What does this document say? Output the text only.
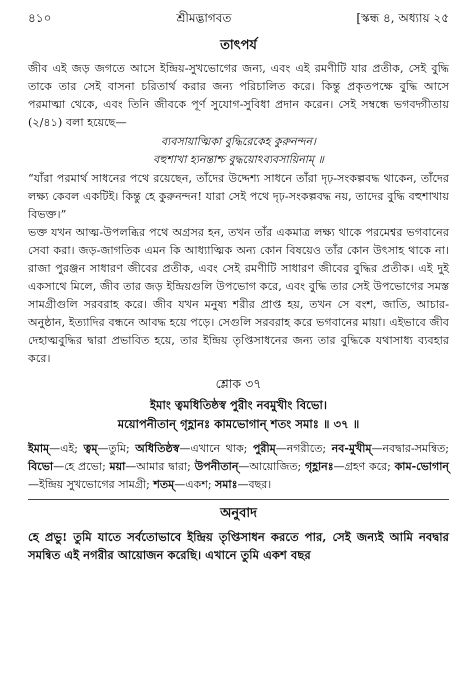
৪১০	শ্রীমদ্ভাগবত	[স্কন্ধ ৪, অধ্যায় ২৫
তাৎপর্য

জীব এই জড় জগতে আসে ইন্দ্রিয়-সুখভোগের জন্য, এবং এই রমণীটি যার প্রতীক, সেই বুদ্ধি তাকে তার সেই বাসনা চরিতার্থ করার জন্য পরিচালিত করে। কিন্তু প্রকৃতপক্ষে বুদ্ধি আসে পরমাত্মা থেকে, এবং তিনি জীবকে পূর্ণ সুযোগ-সুবিধা প্রদান করেন। সেই সম্বন্ধে ভগবদ্গীতায় (২/৪১) বলা হয়েছে—

ব্যবসায়াত্মিকা বুদ্ধিরেকেহ কুরুনন্দন।
বহুশাখা হ্যনন্তাশ্চ বুদ্ধয়োঽব্যবসায়িনাম্ ॥

“যাঁরা পরমার্থ সাধনের পথে রয়েছেন, তাঁদের উদ্দেশ্য সাধনে তাঁরা দৃঢ়-সংকল্পবদ্ধ থাকেন, তাঁদের লক্ষ্য কেবল একটিই। কিন্তু হে কুরুনন্দন! যারা সেই পথে দৃঢ়-সংকল্পবদ্ধ নয়, তাদের বুদ্ধি বহুশাখায় বিভক্ত।”

ভক্ত যখন আত্ম-উপলব্ধির পথে অগ্রসর হন, তখন তাঁর একমাত্র লক্ষ্য থাকে পরমেশ্বর ভগবানের সেবা করা। জড়-জাগতিক এমন কি আধ্যাত্মিক অন্য কোন বিষয়েও তাঁর কোন উৎসাহ থাকে না। রাজা পুরঞ্জন সাধারণ জীবের প্রতীক, এবং সেই রমণীটি সাধারণ জীবের বুদ্ধির প্রতীক। এই দুই একসাথে মিলে, জীব তার জড় ইন্দ্রিয়গুলি উপভোগ করে, এবং বুদ্ধি তার সেই উপভোগের সমস্ত সামগ্রীগুলি সরবরাহ করে। জীব যখন মনুষ্য শরীর প্রাপ্ত হয়, তখন সে বংশ, জাতি, আচার-অনুষ্ঠান, ইত্যাদির বন্ধনে আবদ্ধ হয়ে পড়ে। সেগুলি সরবরাহ করে ভগবানের মায়া। এইভাবে জীব দেহাত্মবুদ্ধির দ্বারা প্রভাবিত হয়ে, তার ইন্দ্রিয় তৃপ্তিসাধনের জন্য তার বুদ্ধিকে যথাসাধ্য ব্যবহার করে।

শ্লোক ৩৭
ইমাং ত্বমধিতিষ্ঠস্ব পুরীং নবমুখীং বিভো।
ময়োপনীতান্ গৃহ্ণানঃ কামভোগান্ শতং সমাঃ ॥ ৩৭ ॥
ইমাম্—এই; ত্বম্—তুমি; অধিতিষ্ঠস্ব—এখানে থাক; পুরীম্—নগরীতে; নব-মুখীম্—নবদ্বার-সমন্বিত; বিভো—হে প্রভো; ময়া—আমার দ্বারা; উপনীতান্—আয়োজিত; গৃহ্ণানঃ—গ্রহণ করে; কাম-ভোগান্—ইন্দ্রিয় সুখভোগের সামগ্রী; শতম্—একশ; সমাঃ—বছর।
অনুবাদ

হে প্রভু! তুমি যাতে সর্বতোভাবে ইন্দ্রিয় তৃপ্তিসাধন করতে পার, সেই জন্যই আমি নবদ্বার সমন্বিত এই নগরীর আয়োজন করেছি। এখানে তুমি একশ বছর
